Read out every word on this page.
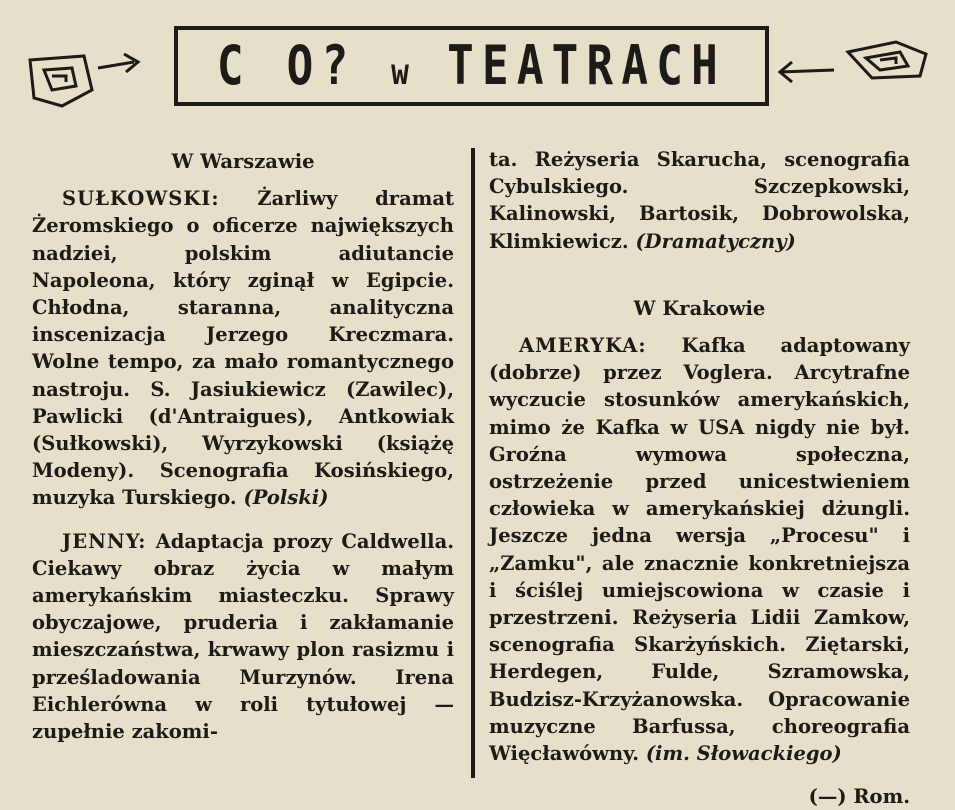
C O? w TEATRACH
W Warszawie

SUŁKOWSKI: Żarliwy dramat Żeromskiego o oficerze największych nadziei, polskim adiutancie Napoleona, który zginął w Egipcie. Chłodna, staranna, analityczna inscenizacja Jerzego Kreczmara. Wolne tempo, za mało romantycznego nastroju. S. Jasiukiewicz (Zawilec), Pawlicki (d'Antraigues), Antkowiak (Sułkowski), Wyrzykowski (książę Modeny). Scenografia Kosińskiego, muzyka Turskiego. (Polski)

JENNY: Adaptacja prozy Caldwella. Ciekawy obraz życia w małym amerykańskim miasteczku. Sprawy obyczajowe, pruderia i zakłamanie mieszczaństwa, krwawy plon rasizmu i prześladowania Murzynów. Irena Eichlerówna w roli tytułowej — zupełnie zakomi-

ta. Reżyseria Skarucha, scenografia Cybulskiego. Szczepkowski, Kalinowski, Bartosik, Dobrowolska, Klimkiewicz. (Dramatyczny)

W Krakowie

AMERYKA: Kafka adaptowany (dobrze) przez Voglera. Arcytrafne wyczucie stosunków amerykańskich, mimo że Kafka w USA nigdy nie był. Groźna wymowa społeczna, ostrzeżenie przed unicestwieniem człowieka w amerykańskiej dżungli. Jeszcze jedna wersja „Procesu" i „Zamku", ale znacznie konkretniejsza i ściślej umiejscowiona w czasie i przestrzeni. Reżyseria Lidii Zamkow, scenografia Skarżyńskich. Ziętarski, Herdegen, Fulde, Szramowska, Budzisz-Krzyżanowska. Opracowanie muzyczne Barfussa, choreografia Więcławówny. (im. Słowackiego)

(—) Rom.
